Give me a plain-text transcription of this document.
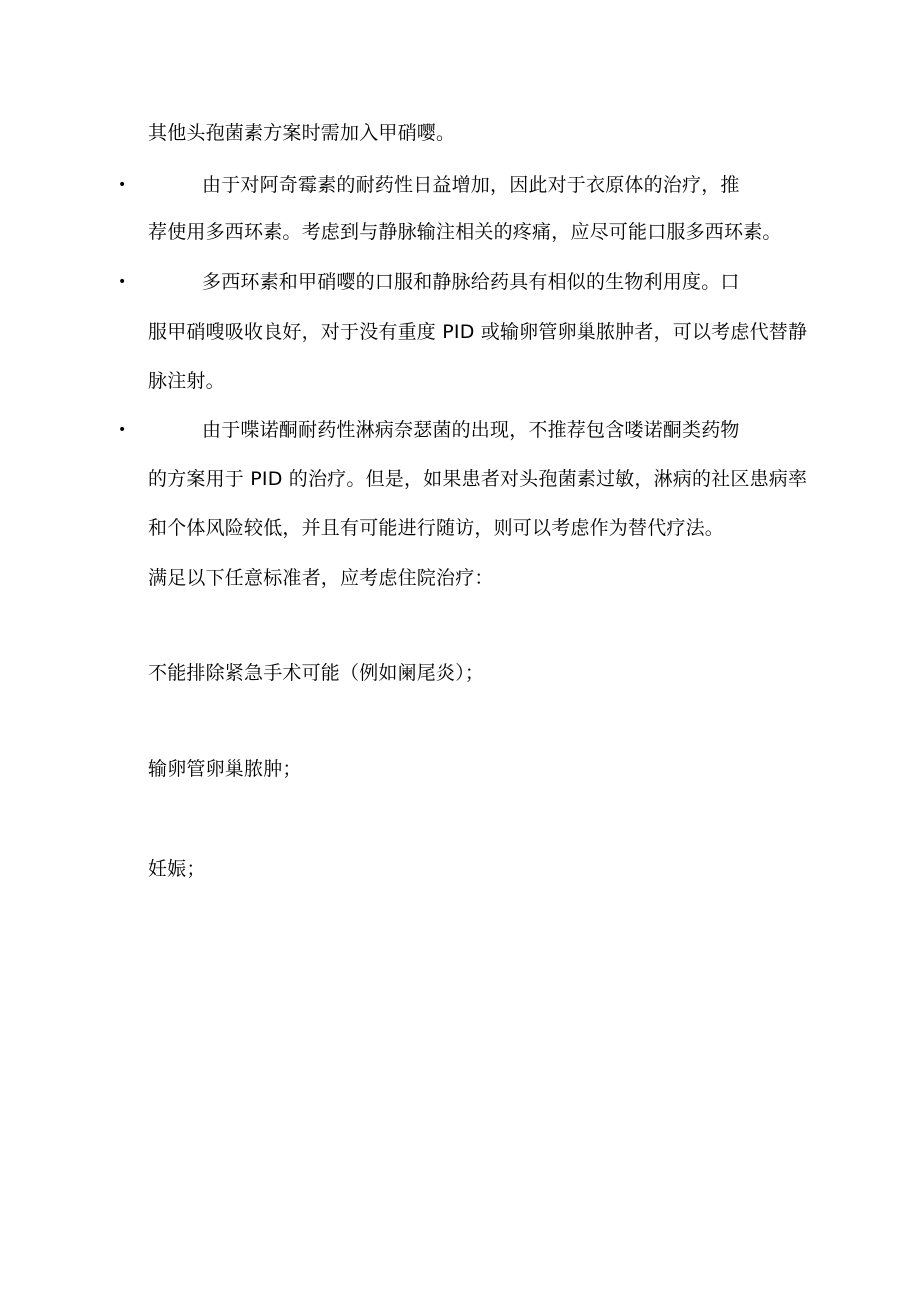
其他头孢菌素方案时需加入甲硝嘤。
•	由于对阿奇霉素的耐药性日益增加，因此对于衣原体的治疗，推
荐使用多西环素。考虑到与静脉输注相关的疼痛，应尽可能口服多西环素。
•	多西环素和甲硝嘤的口服和静脉给药具有相似的生物利用度。口
服甲硝嗖吸收良好，对于没有重度 PID 或输卵管卵巢脓肿者，可以考虑代替静
脉注射。
•	由于喋诺酮耐药性淋病奈瑟菌的出现，不推荐包含喽诺酮类药物
的方案用于 PID 的治疗。但是，如果患者对头孢菌素过敏，淋病的社区患病率
和个体风险较低，并且有可能进行随访，则可以考虑作为替代疗法。
满足以下任意标准者，应考虑住院治疗：
不能排除紧急手术可能（例如阑尾炎）；
输卵管卵巢脓肿；
妊娠；
